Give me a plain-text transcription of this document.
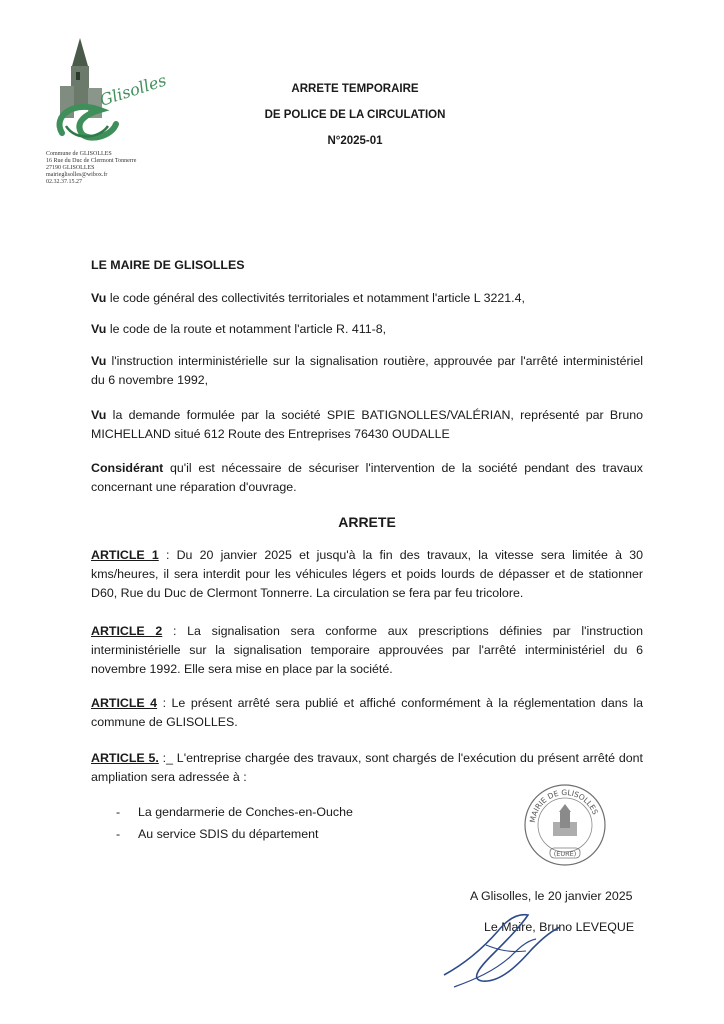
Glisolles
Commune de GLISOLLES
16 Rue du Duc de Clermont Tonnerre
27190 GLISOLLES
mairieglisolles@wibox.fr
02.32.37.15.27
ARRETE TEMPORAIRE
DE POLICE DE LA CIRCULATION
N°2025-01
LE MAIRE DE GLISOLLES

Vu le code général des collectivités territoriales et notamment l'article L 3221.4,

Vu le code de la route et notamment l'article R. 411-8,

Vu l'instruction interministérielle sur la signalisation routière, approuvée par l'arrêté interministériel du 6 novembre 1992,

Vu la demande formulée par la société SPIE BATIGNOLLES/VALÉRIAN, représenté par Bruno MICHELLAND situé 612 Route des Entreprises 76430 OUDALLE

Considérant qu'il est nécessaire de sécuriser l'intervention de la société pendant des travaux concernant une réparation d'ouvrage.

ARRETE

ARTICLE 1 : Du 20 janvier 2025 et jusqu'à la fin des travaux, la vitesse sera limitée à 30 kms/heures, il sera interdit pour les véhicules légers et poids lourds de dépasser et de stationner D60, Rue du Duc de Clermont Tonnerre. La circulation se fera par feu tricolore.

ARTICLE 2 : La signalisation sera conforme aux prescriptions définies par l'instruction interministérielle sur la signalisation temporaire approuvées par l'arrêté interministériel du 6 novembre 1992. Elle sera mise en place par la société.

ARTICLE 4 : Le présent arrêté sera publié et affiché conformément à la réglementation dans la commune de GLISOLLES.

ARTICLE 5. :_ L'entreprise chargée des travaux, sont chargés de l'exécution du présent arrêté dont ampliation sera adressée à :

- La gendarmerie de Conches-en-Ouche
- Au service SDIS du département
MAIRIE DE GLISOLLES
(EURE)
A Glisolles, le 20 janvier 2025
Le Maire, Bruno LEVEQUE
